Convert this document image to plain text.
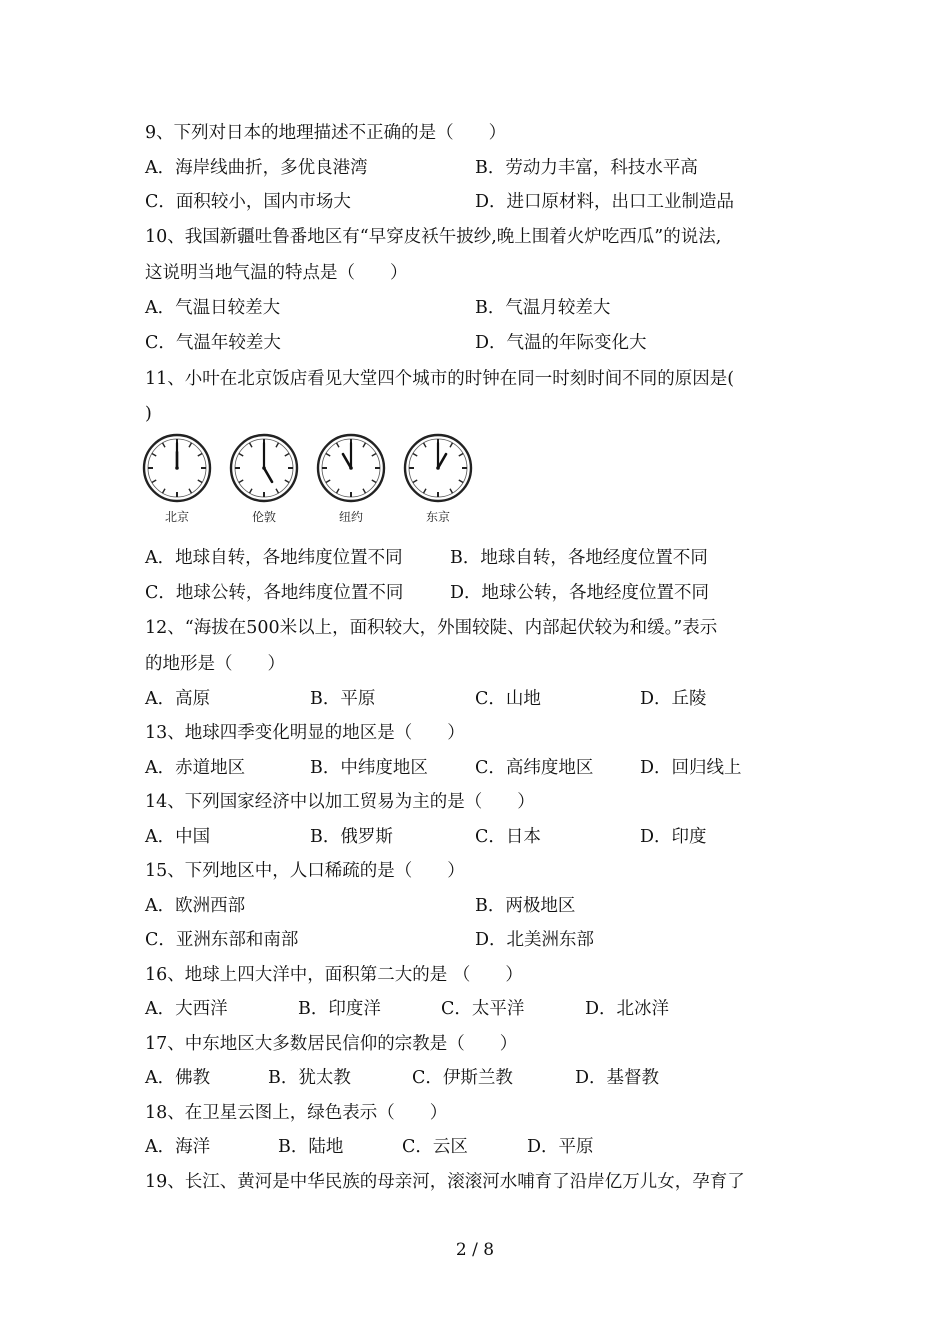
9、下列对日本的地理描述不正确的是（　　）
A．海岸线曲折，多优良港湾	B．劳动力丰富，科技水平高
C．面积较小，国内市场大	D．进口原材料，出口工业制造品
10、我国新疆吐鲁番地区有“早穿皮袄午披纱,晚上围着火炉吃西瓜”的说法,
这说明当地气温的特点是（　　）
A．气温日较差大	B．气温月较差大
C．气温年较差大	D．气温的年际变化大
11、小叶在北京饭店看见大堂四个城市的时钟在同一时刻时间不同的原因是(
)
北京	伦敦	纽约	东京
A．地球自转，各地纬度位置不同	B．地球自转，各地经度位置不同
C．地球公转，各地纬度位置不同	D．地球公转，各地经度位置不同
12、“海拔在500米以上，面积较大，外围较陡、内部起伏较为和缓。”表示
的地形是（　　）
A．高原	B．平原	C．山地	D．丘陵
13、地球四季变化明显的地区是（　　）
A．赤道地区	B．中纬度地区	C．高纬度地区	D．回归线上
14、下列国家经济中以加工贸易为主的是（　　）
A．中国	B．俄罗斯	C．日本	D．印度
15、下列地区中，人口稀疏的是（　　）
A．欧洲西部	B．两极地区
C．亚洲东部和南部	D．北美洲东部
16、地球上四大洋中，面积第二大的是 （　　）
A．大西洋	B．印度洋	C．太平洋	D．北冰洋
17、中东地区大多数居民信仰的宗教是（　　）
A．佛教	B．犹太教	C．伊斯兰教	D．基督教
18、在卫星云图上，绿色表示（　　）
A．海洋	B．陆地	C．云区	D．平原
19、长江、黄河是中华民族的母亲河，滚滚河水哺育了沿岸亿万儿女，孕育了
2 / 8
